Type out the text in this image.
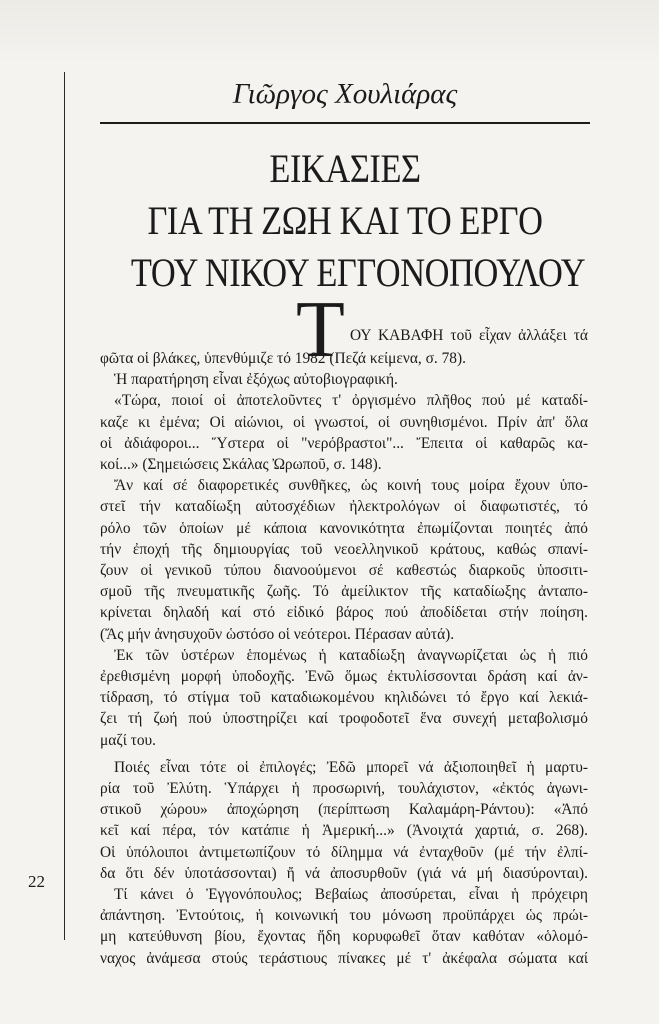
22
Γιῶργος Χουλιάρας
ΕΙΚΑΣΙΕΣ
ΓΙΑ ΤΗ ΖΩΗ ΚΑΙ ΤΟ ΕΡΓΟ
ΤΟΥ ΝΙΚΟΥ ΕΓΓΟΝΟΠΟΥΛΟΥ
Τ ΟΥ ΚΑΒΑΦΗ τοῦ εἶχαν ἀλλάξει τά
φῶτα οἱ βλάκες, ὑπενθύμιζε τό 1982 (Πεζά κείμενα, σ. 78).
Ἡ παρατήρηση εἶναι ἐξόχως αὐτοβιογραφική.
«Τώρα, ποιοί οἱ ἀποτελοῦντες τ' ὀργισμένο πλῆθος πού μέ καταδί-
καζε κι ἐμένα; Οἱ αἰώνιοι, οἱ γνωστοί, οἱ συνηθισμένοι. Πρίν ἀπ' ὅλα
οἱ ἀδιάφοροι... Ὕστερα οἱ "νερόβραστοι"... Ἔπειτα οἱ καθαρῶς κα-
κοί...» (Σημειώσεις Σκάλας Ὠρωποῦ, σ. 148).
Ἄν καί σέ διαφορετικές συνθῆκες, ὡς κοινή τους μοίρα ἔχουν ὑπο-
στεῖ τήν καταδίωξη αὐτοσχέδιων ἠλεκτρολόγων οἱ διαφωτιστές, τό
ρόλο τῶν ὁποίων μέ κάποια κανονικότητα ἐπωμίζονται ποιητές ἀπό
τήν ἐποχή τῆς δημιουργίας τοῦ νεοελληνικοῦ κράτους, καθώς σπανί-
ζουν οἱ γενικοῦ τύπου διανοούμενοι σέ καθεστώς διαρκοῦς ὑποσιτι-
σμοῦ τῆς πνευματικῆς ζωῆς. Τό ἀμείλικτον τῆς καταδίωξης ἀνταπο-
κρίνεται δηλαδή καί στό εἰδικό βάρος πού ἀποδίδεται στήν ποίηση.
(Ἄς μήν ἀνησυχοῦν ὡστόσο οἱ νεότεροι. Πέρασαν αὐτά).
Ἐκ τῶν ὑστέρων ἑπομένως ἡ καταδίωξη ἀναγνωρίζεται ὡς ἡ πιό
ἐρεθισμένη μορφή ὑποδοχῆς. Ἐνῶ ὅμως ἐκτυλίσσονται δράση καί ἀν-
τίδραση, τό στίγμα τοῦ καταδιωκομένου κηλιδώνει τό ἔργο καί λεκιά-
ζει τή ζωή πού ὑποστηρίζει καί τροφοδοτεῖ ἕνα συνεχή μεταβολισμό
μαζί του.
Ποιές εἶναι τότε οἱ ἐπιλογές; Ἐδῶ μπορεῖ νά ἀξιοποιηθεῖ ἡ μαρτυ-
ρία τοῦ Ἐλύτη. Ὑπάρχει ἡ προσωρινή, τουλάχιστον, «ἐκτός ἀγωνι-
στικοῦ χώρου» ἀποχώρηση (περίπτωση Καλαμάρη-Ράντου): «Ἀπό
κεῖ καί πέρα, τόν κατάπιε ἡ Ἀμερική...» (Ἀνοιχτά χαρτιά, σ. 268).
Οἱ ὑπόλοιποι ἀντιμετωπίζουν τό δίλημμα νά ἐνταχθοῦν (μέ τήν ἐλπί-
δα ὅτι δέν ὑποτάσσονται) ἤ νά ἀποσυρθοῦν (γιά νά μή διασύρονται).
Τί κάνει ὁ Ἐγγονόπουλος; Βεβαίως ἀποσύρεται, εἶναι ἡ πρόχειρη
ἀπάντηση. Ἐντούτοις, ἡ κοινωνική του μόνωση προϋπάρχει ὡς πρώι-
μη κατεύθυνση βίου, ἔχοντας ἤδη κορυφωθεῖ ὅταν καθόταν «ὁλομό-
ναχος ἀνάμεσα στούς τεράστιους πίνακες μέ τ' ἀκέφαλα σώματα καί
